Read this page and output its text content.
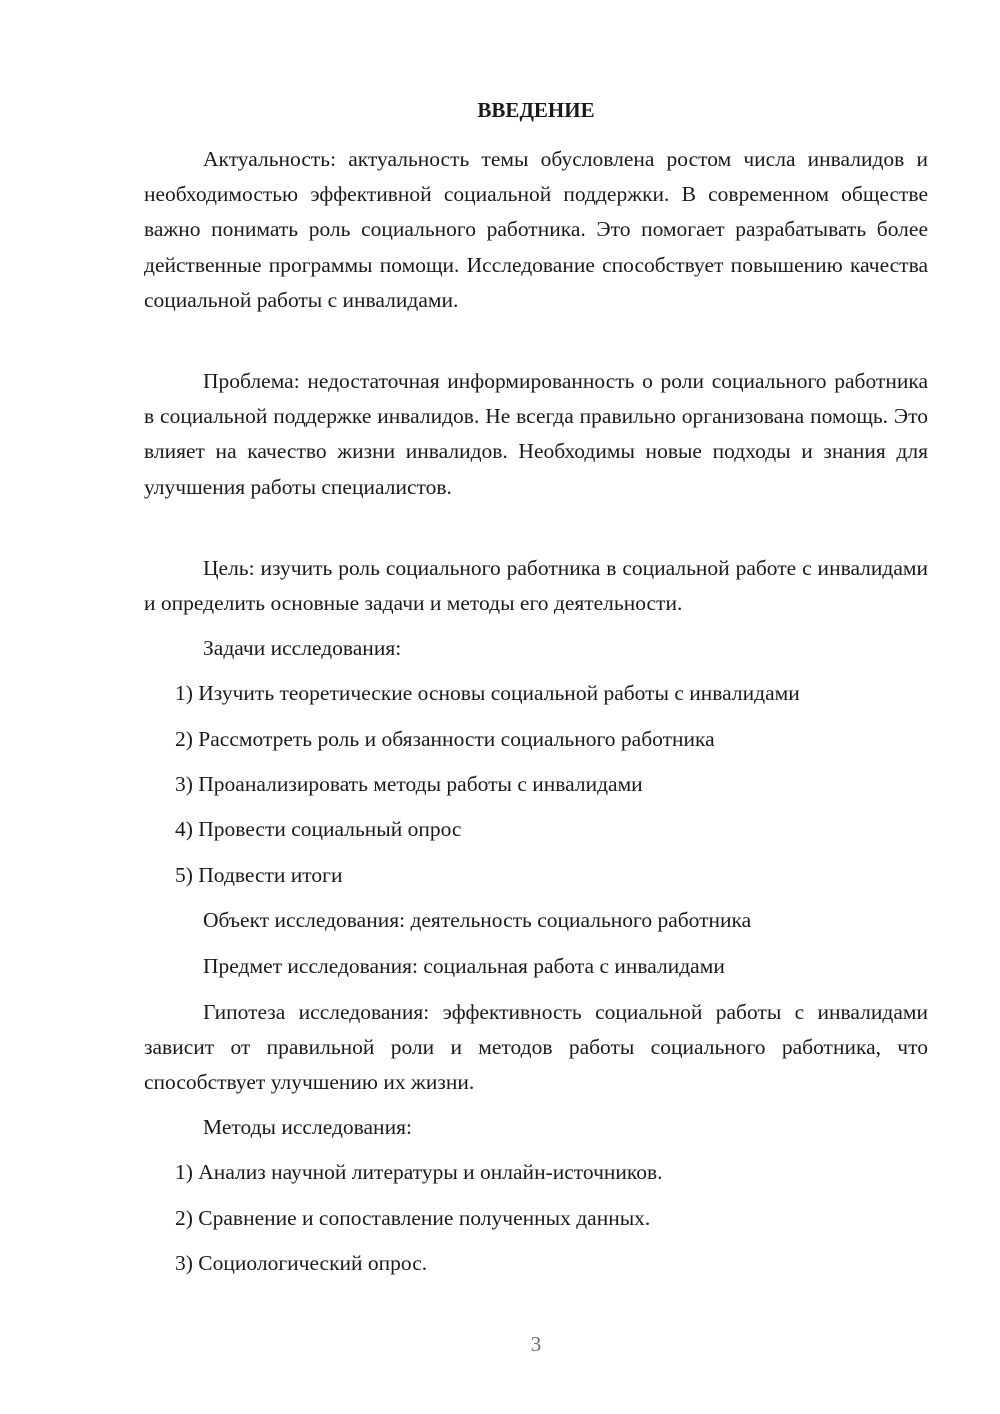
ВВЕДЕНИЕ

Актуальность: актуальность темы обусловлена ростом числа инвалидов и необходимостью эффективной социальной поддержки. В современном обществе важно понимать роль социального работника. Это помогает разрабатывать более действенные программы помощи. Исследование способствует повышению качества социальной работы с инвалидами.

Проблема: недостаточная информированность о роли социального работника в социальной поддержке инвалидов. Не всегда правильно организована помощь. Это влияет на качество жизни инвалидов. Необходимы новые подходы и знания для улучшения работы специалистов.

Цель: изучить роль социального работника в социальной работе с инвалидами и определить основные задачи и методы его деятельности.

Задачи исследования:
1) Изучить теоретические основы социальной работы с инвалидами
2) Рассмотреть роль и обязанности социального работника
3) Проанализировать методы работы с инвалидами
4) Провести социальный опрос
5) Подвести итоги
Объект исследования: деятельность социального работника
Предмет исследования: социальная работа с инвалидами

Гипотеза исследования: эффективность социальной работы с инвалидами зависит от правильной роли и методов работы социального работника, что способствует улучшению их жизни.

Методы исследования:
1) Анализ научной литературы и онлайн-источников.
2) Сравнение и сопоставление полученных данных.
3) Социологический опрос.
3
